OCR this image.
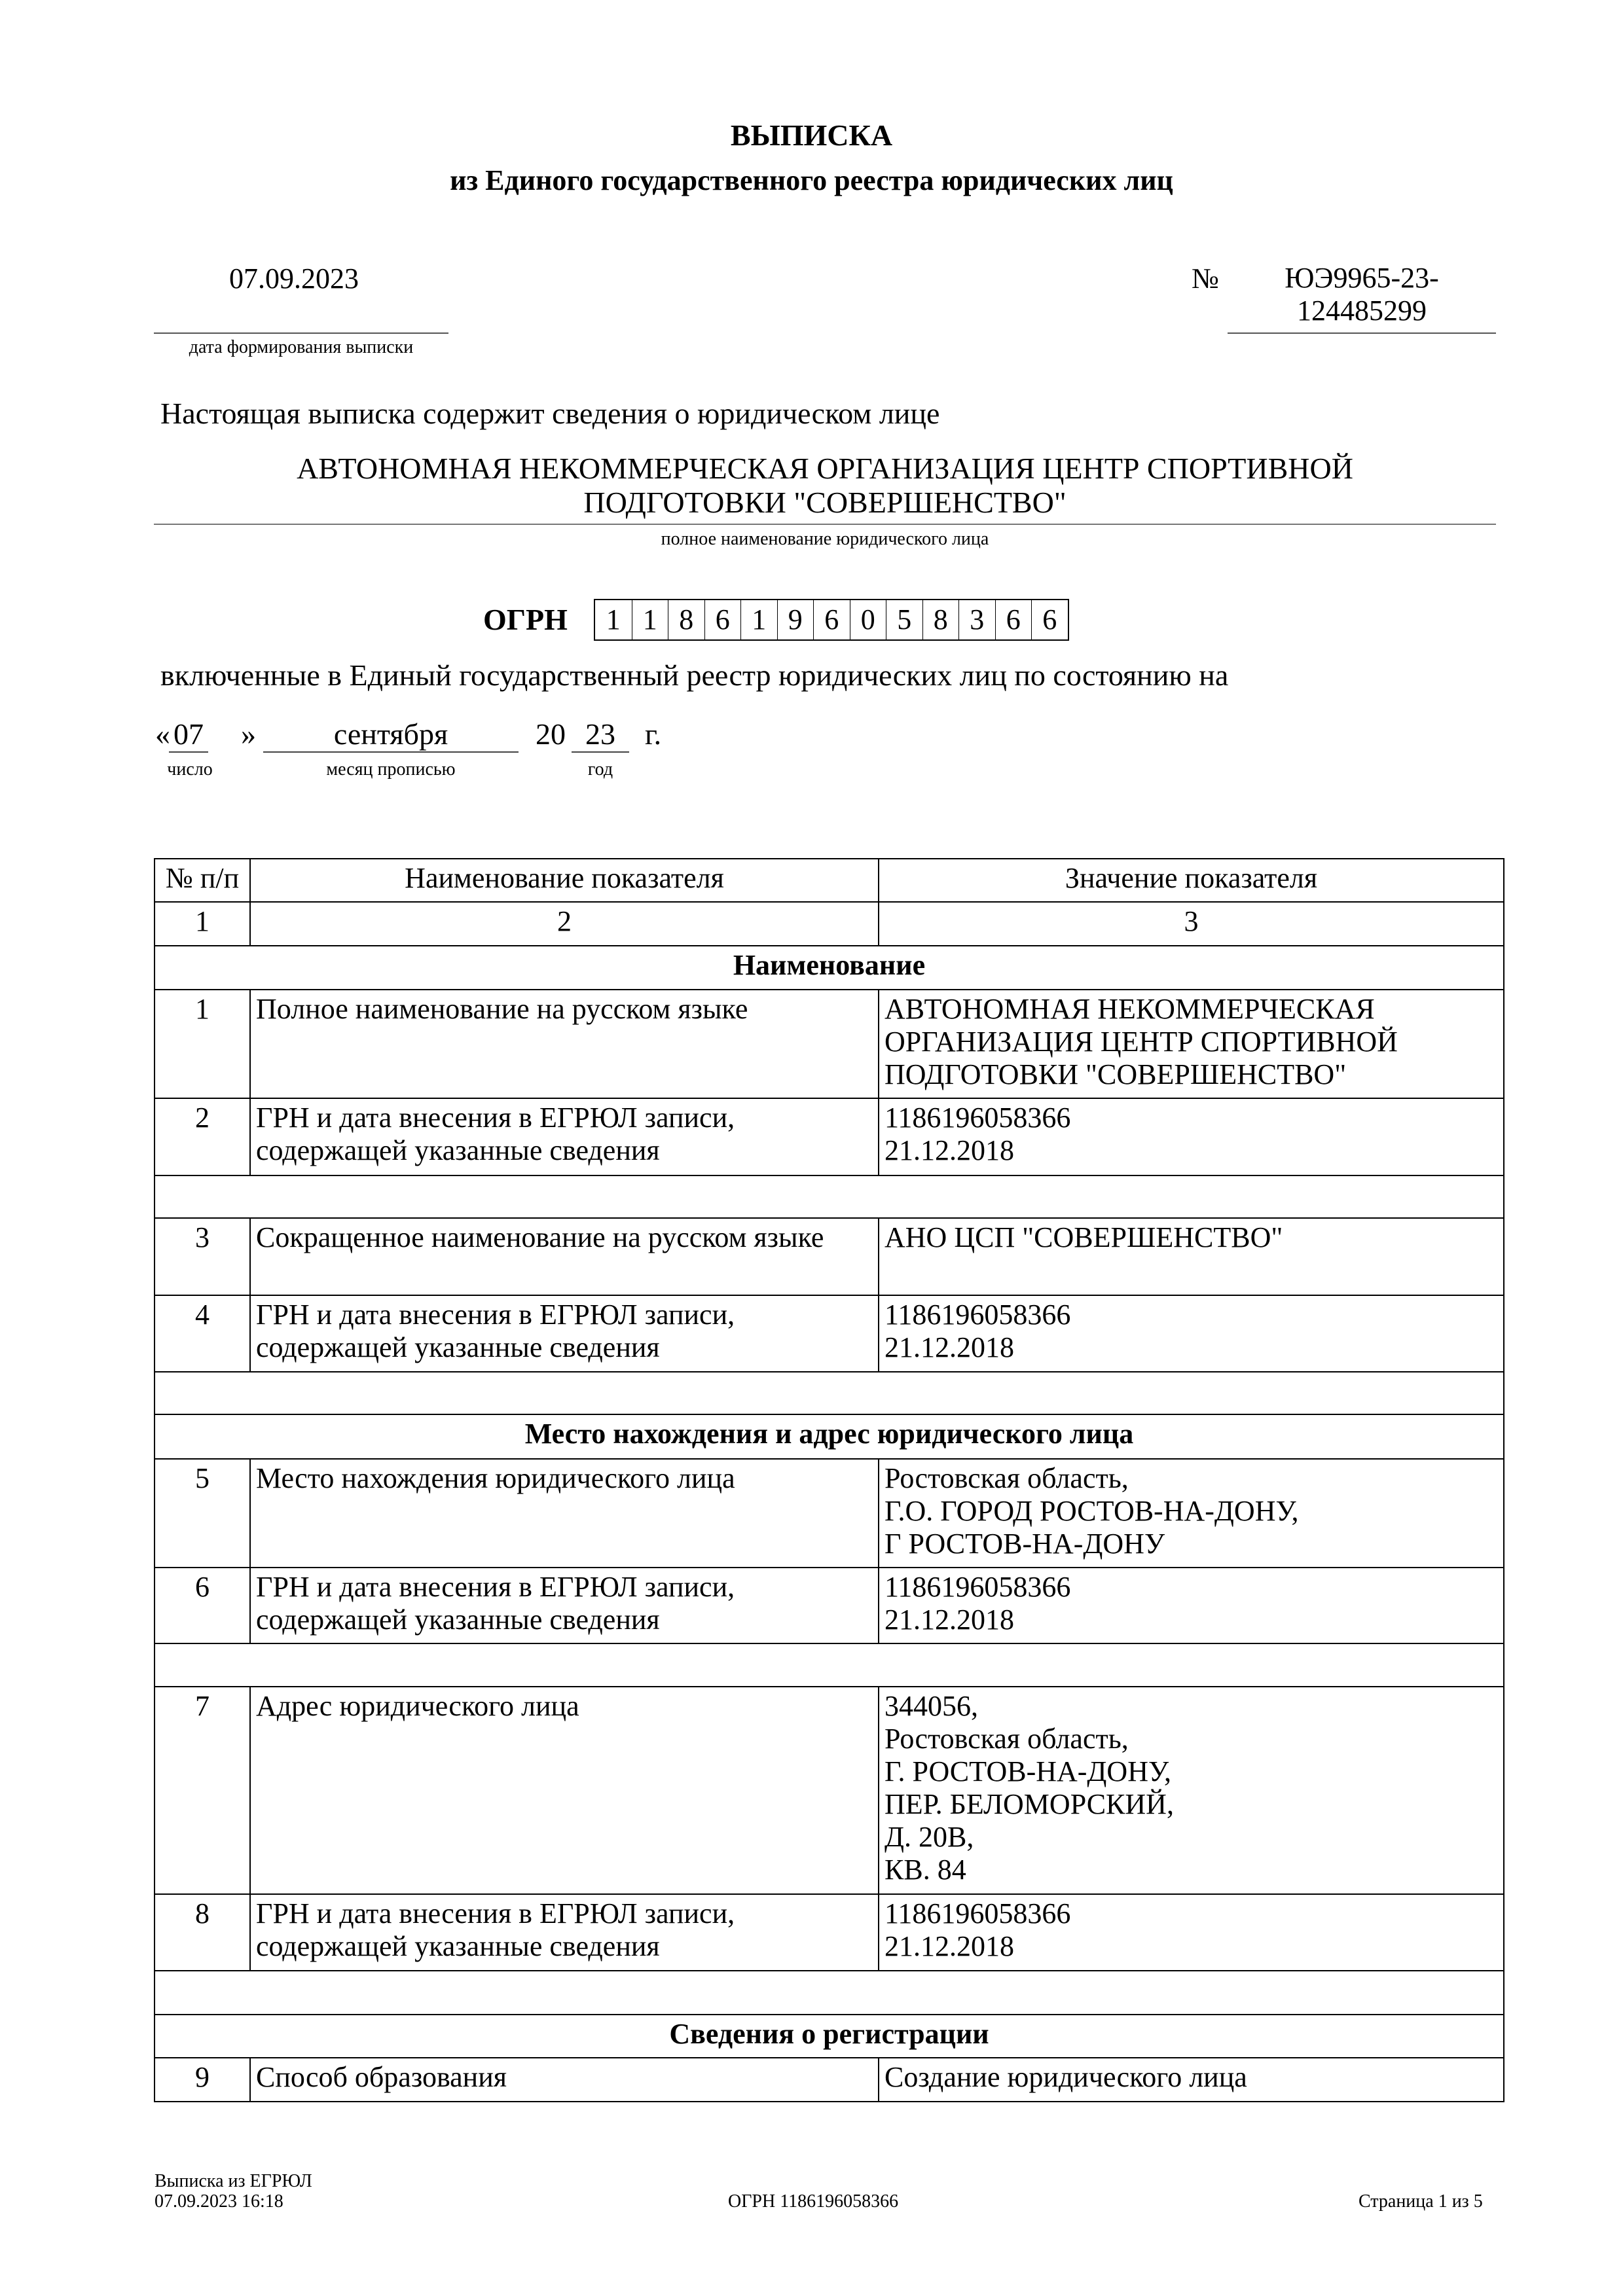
ВЫПИСКА
из Единого государственного реестра юридических лиц
07.09.2023
дата формирования выписки
№	ЮЭ9965-23-
124485299
Настоящая выписка содержит сведения о юридическом лице
АВТОНОМНАЯ НЕКОММЕРЧЕСКАЯ ОРГАНИЗАЦИЯ ЦЕНТР СПОРТИВНОЙ
ПОДГОТОВКИ "СОВЕРШЕНСТВО"
полное наименование юридического лица
ОГРН	1 1 8 6 1 9 6 0 5 8 3 6 6
включенные в Единый государственный реестр юридических лиц по состоянию на
« 07 »	сентября	20 23 г.
число	месяц прописью	год
№ п/п	Наименование показателя	Значение показателя
1	2	3
Наименование		
1	Полное наименование на русском языке	АВТОНОМНАЯ НЕКОММЕРЧЕСКАЯ
ОРГАНИЗАЦИЯ ЦЕНТР СПОРТИВНОЙ
ПОДГОТОВКИ "СОВЕРШЕНСТВО"

2	ГРН и дата внесения в ЕГРЮЛ записи, содержащей указанные сведения	1186196058366
21.12.2018

3	Сокращенное наименование на русском языке	АНО ЦСП "СОВЕРШЕНСТВО"

4	ГРН и дата внесения в ЕГРЮЛ записи, содержащей указанные сведения	1186196058366
21.12.2018

Место нахождения и адрес юридического лица		
5	Место нахождения юридического лица	Ростовская область,
Г.О. ГОРОД РОСТОВ-НА-ДОНУ,
Г РОСТОВ-НА-ДОНУ

6	ГРН и дата внесения в ЕГРЮЛ записи, содержащей указанные сведения	1186196058366
21.12.2018

7	Адрес юридического лица	344056,
Ростовская область,
Г. РОСТОВ-НА-ДОНУ,
ПЕР. БЕЛОМОРСКИЙ,
Д. 20В,
КВ. 84

8	ГРН и дата внесения в ЕГРЮЛ записи, содержащей указанные сведения	1186196058366
21.12.2018

Сведения о регистрации		
9	Способ образования	Создание юридического лица
Выписка из ЕГРЮЛ
07.09.2023 16:18	ОГРН 1186196058366	Страница 1 из 5
